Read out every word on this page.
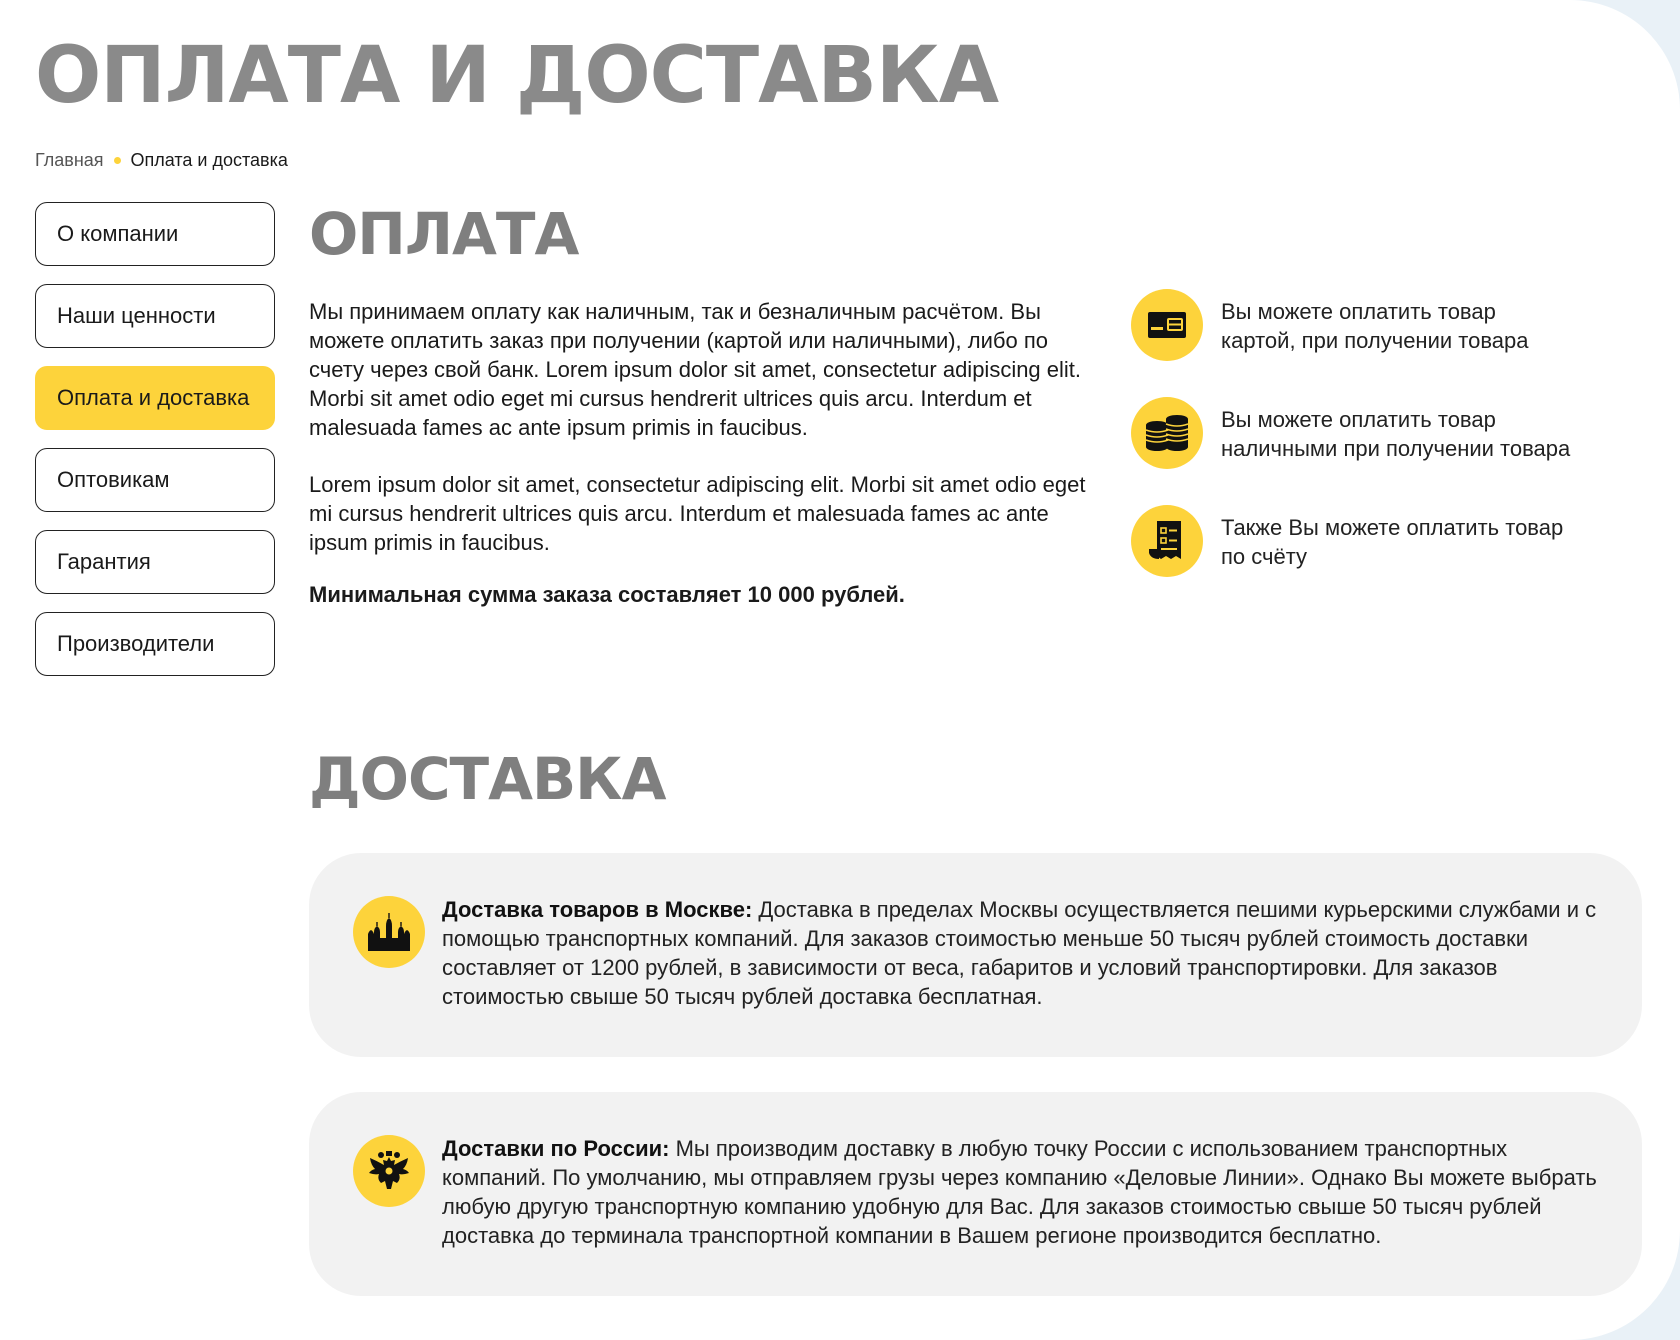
ОПЛАТА И ДОСТАВКА
Главная Оплата и доставка
О компании
Наши ценности
Оплата и доставка
Оптовикам
Гарантия
Производители
ОПЛАТА

Мы принимаем оплату как наличным, так и безналичным расчётом. Вы можете оплатить заказ при получении (картой или наличными), либо по счету через свой банк. Lorem ipsum dolor sit amet, consectetur adipiscing elit. Morbi sit amet odio eget mi cursus hendrerit ultrices quis arcu. Interdum et malesuada fames ac ante ipsum primis in faucibus.

Lorem ipsum dolor sit amet, consectetur adipiscing elit. Morbi sit amet odio eget mi cursus hendrerit ultrices quis arcu. Interdum et malesuada fames ac ante ipsum primis in faucibus.

Минимальная сумма заказа составляет 10 000 рублей.

Вы можете оплатить товар картой, при получении товара
Вы можете оплатить товар наличными при получении товара
Также Вы можете оплатить товар по счёту
ДОСТАВКА

Доставка товаров в Москве: Доставка в пределах Москвы осуществляется пешими курьерскими службами и с помощью транспортных компаний. Для заказов стоимостью меньше 50 тысяч рублей стоимость доставки составляет от 1200 рублей, в зависимости от веса, габаритов и условий транспортировки. Для заказов стоимостью свыше 50 тысяч рублей доставка бесплатная.

Доставки по России: Мы производим доставку в любую точку России с использованием транспортных компаний. По умолчанию, мы отправляем грузы через компанию «Деловые Линии». Однако Вы можете выбрать любую другую транспортную компанию удобную для Вас. Для заказов стоимостью свыше 50 тысяч рублей доставка до терминала транспортной компании в Вашем регионе производится бесплатно.
